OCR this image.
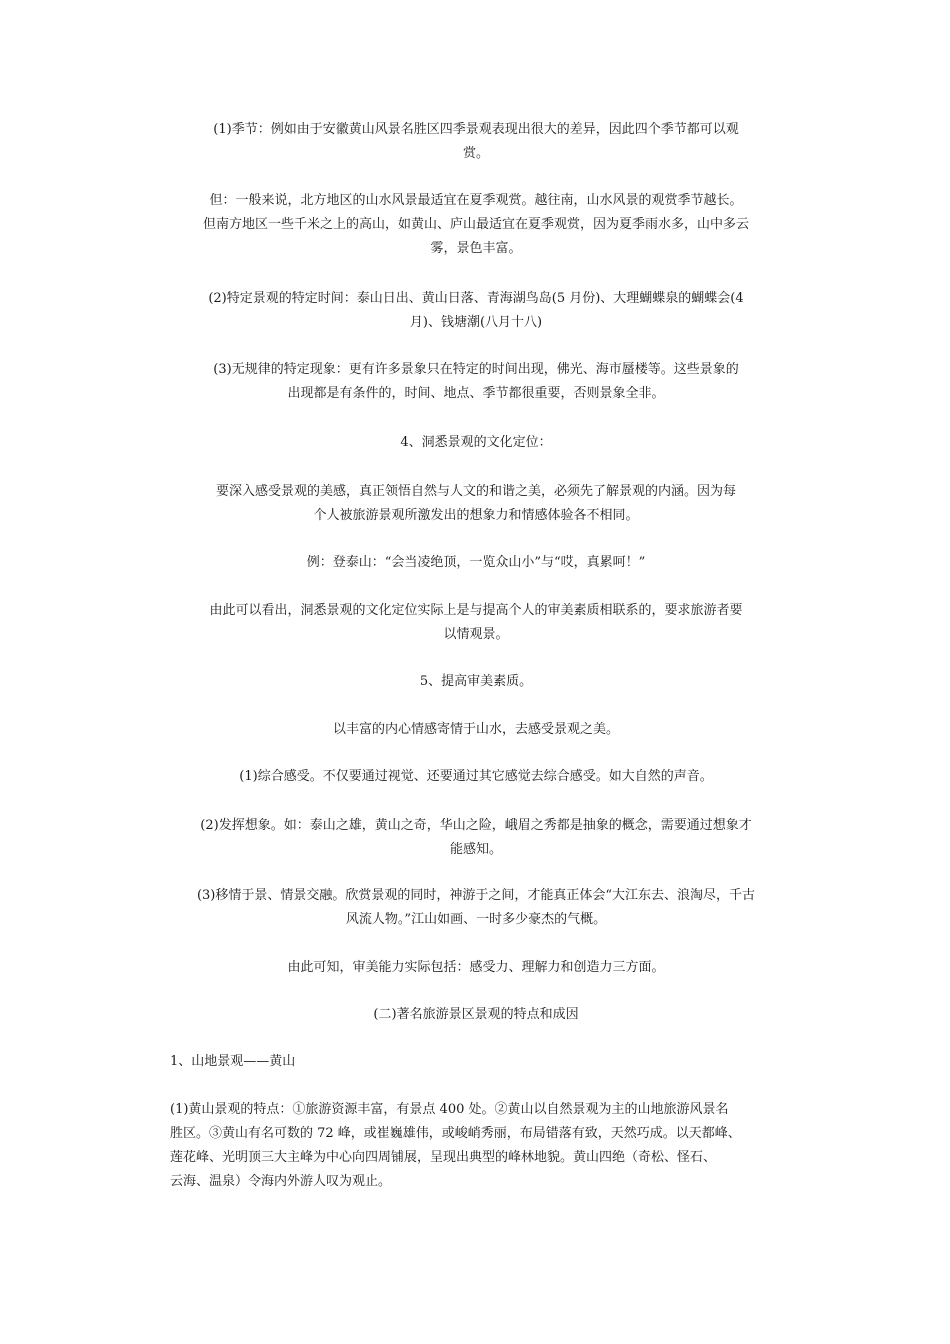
(1)季节：例如由于安徽黄山风景名胜区四季景观表现出很大的差异，因此四个季节都可以观
赏。
但：一般来说，北方地区的山水风景最适宜在夏季观赏。越往南，山水风景的观赏季节越长。
但南方地区一些千米之上的高山，如黄山、庐山最适宜在夏季观赏，因为夏季雨水多，山中多云
雾，景色丰富。
(2)特定景观的特定时间：泰山日出、黄山日落、青海湖鸟岛(5 月份)、大理蝴蝶泉的蝴蝶会(4
月)、钱塘潮(八月十八)
(3)无规律的特定现象：更有许多景象只在特定的时间出现，佛光、海市蜃楼等。这些景象的
出现都是有条件的，时间、地点、季节都很重要，否则景象全非。
4、洞悉景观的文化定位：
要深入感受景观的美感，真正领悟自然与人文的和谐之美，必须先了解景观的内涵。因为每
个人被旅游景观所激发出的想象力和情感体验各不相同。
例：登泰山：“会当凌绝顶，一览众山小”与“哎，真累呵！”
由此可以看出，洞悉景观的文化定位实际上是与提高个人的审美素质相联系的，要求旅游者要
以情观景。
5、提高审美素质。
以丰富的内心情感寄情于山水，去感受景观之美。
(1)综合感受。不仅要通过视觉、还要通过其它感觉去综合感受。如大自然的声音。
(2)发挥想象。如：泰山之雄，黄山之奇，华山之险，峨眉之秀都是抽象的概念，需要通过想象才
能感知。
(3)移情于景、情景交融。欣赏景观的同时，神游于之间，才能真正体会“大江东去、浪淘尽，千古
风流人物。”江山如画、一时多少豪杰的气概。
由此可知，审美能力实际包括：感受力、理解力和创造力三方面。
(二)著名旅游景区景观的特点和成因
1、山地景观——黄山
(1)黄山景观的特点：①旅游资源丰富，有景点 400 处。②黄山以自然景观为主的山地旅游风景名
胜区。③黄山有名可数的 72 峰，或崔巍雄伟，或峻峭秀丽，布局错落有致，天然巧成。以天都峰、
莲花峰、光明顶三大主峰为中心向四周铺展，呈现出典型的峰林地貌。黄山四绝（奇松、怪石、
云海、温泉）令海内外游人叹为观止。
